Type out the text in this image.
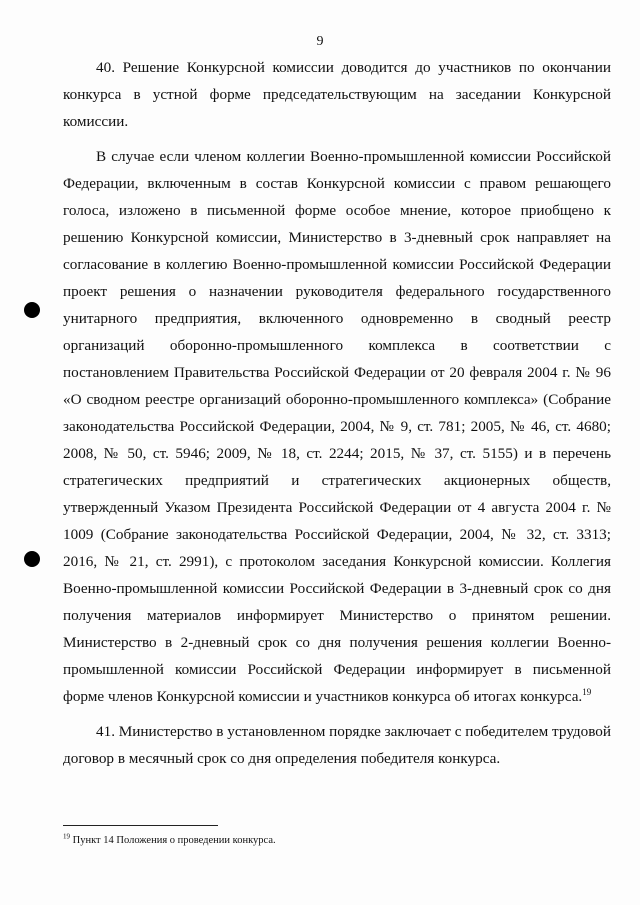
9

40. Решение Конкурсной комиссии доводится до участников по окончании конкурса в устной форме председательствующим на заседании Конкурсной комиссии.

В случае если членом коллегии Военно-промышленной комиссии Российской Федерации, включенным в состав Конкурсной комиссии с правом решающего голоса, изложено в письменной форме особое мнение, которое приобщено к решению Конкурсной комиссии, Министерство в 3-дневный срок направляет на согласование в коллегию Военно-промышленной комиссии Российской Федерации проект решения о назначении руководителя федерального государственного унитарного предприятия, включенного одновременно в сводный реестр организаций оборонно-промышленного комплекса в соответствии с постановлением Правительства Российской Федерации от 20 февраля 2004 г. № 96 «О сводном реестре организаций оборонно-промышленного комплекса» (Собрание законодательства Российской Федерации, 2004, № 9, ст. 781; 2005, № 46, ст. 4680; 2008, № 50, ст. 5946; 2009, № 18, ст. 2244; 2015, № 37, ст. 5155) и в перечень стратегических предприятий и стратегических акционерных обществ, утвержденный Указом Президента Российской Федерации от 4 августа 2004 г. № 1009 (Собрание законодательства Российской Федерации, 2004, № 32, ст. 3313; 2016, № 21, ст. 2991), с протоколом заседания Конкурсной комиссии. Коллегия Военно-промышленной комиссии Российской Федерации в 3-дневный срок со дня получения материалов информирует Министерство о принятом решении. Министерство в 2-дневный срок со дня получения решения коллегии Военно-промышленной комиссии Российской Федерации информирует в письменной форме членов Конкурсной комиссии и участников конкурса об итогах конкурса.$^{19}$

41. Министерство в установленном порядке заключает с победителем трудовой договор в месячный срок со дня определения победителя конкурса.

$^{19}$ Пункт 14 Положения о проведении конкурса.
